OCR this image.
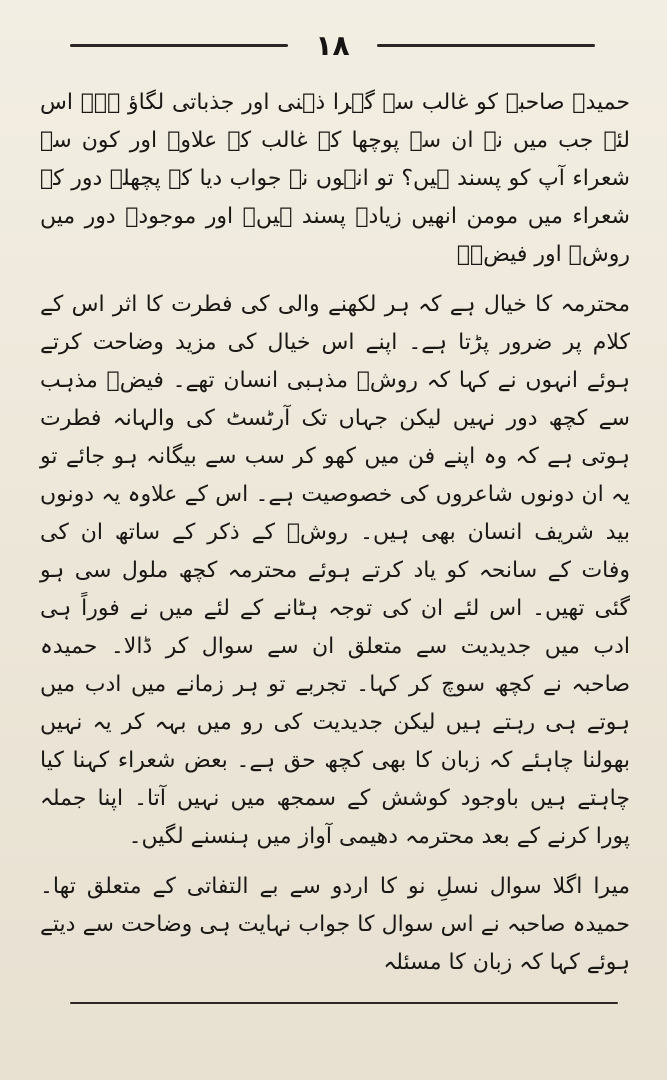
١٨

حمیدہ صاحبہ کو غالب سے گہرا ذہنی اور جذباتی لگاؤ ہے۔ اس لئے جب میں نے ان سے پوچھا کہ غالب کے علاوہ اور کون سے شعراء آپ کو پسند ہیں؟ تو انہوں نے جواب دیا کہ پچھلے دور کے شعراء میں مومن انھیں زیادہ پسند ہیں۔ اور موجودہ دور میں روشؔ اور فیضؔ۔

محترمہ کا خیال ہے کہ ہر لکھنے والی کی فطرت کا اثر اس کے کلام پر ضرور پڑتا ہے۔ اپنے اس خیال کی مزید وضاحت کرتے ہوئے انہوں نے کہا کہ روشؔ مذہبی انسان تھے۔ فیضؔ مذہب سے کچھ دور نہیں لیکن جہاں تک آرٹسٹ کی والہانہ فطرت ہوتی ہے کہ وہ اپنے فن میں کھو کر سب سے بیگانہ ہو جائے تو یہ ان دونوں شاعروں کی خصوصیت ہے۔ اس کے علاوہ یہ دونوں بید شریف انسان بھی ہیں۔ روشؔ کے ذکر کے ساتھ ان کی وفات کے سانحہ کو یاد کرتے ہوئے محترمہ کچھ ملول سی ہو گئی تھیں۔ اس لئے ان کی توجہ ہٹانے کے لئے میں نے فوراً ہی ادب میں جدیدیت سے متعلق ان سے سوال کر ڈالا۔ حمیدہ صاحبہ نے کچھ سوچ کر کہا۔ تجربے تو ہر زمانے میں ادب میں ہوتے ہی رہتے ہیں لیکن جدیدیت کی رو میں بہہ کر یہ نہیں بھولنا چاہئے کہ زبان کا بھی کچھ حق ہے۔ بعض شعراء کہنا کیا چاہتے ہیں باوجود کوشش کے سمجھ میں نہیں آتا۔ اپنا جملہ پورا کرنے کے بعد محترمہ دھیمی آواز میں ہنسنے لگیں۔

میرا اگلا سوال نسلِ نو کا اردو سے بے التفاتی کے متعلق تھا۔ حمیدہ صاحبہ نے اس سوال کا جواب نہایت ہی وضاحت سے دیتے ہوئے کہا کہ زبان کا مسئلہ
